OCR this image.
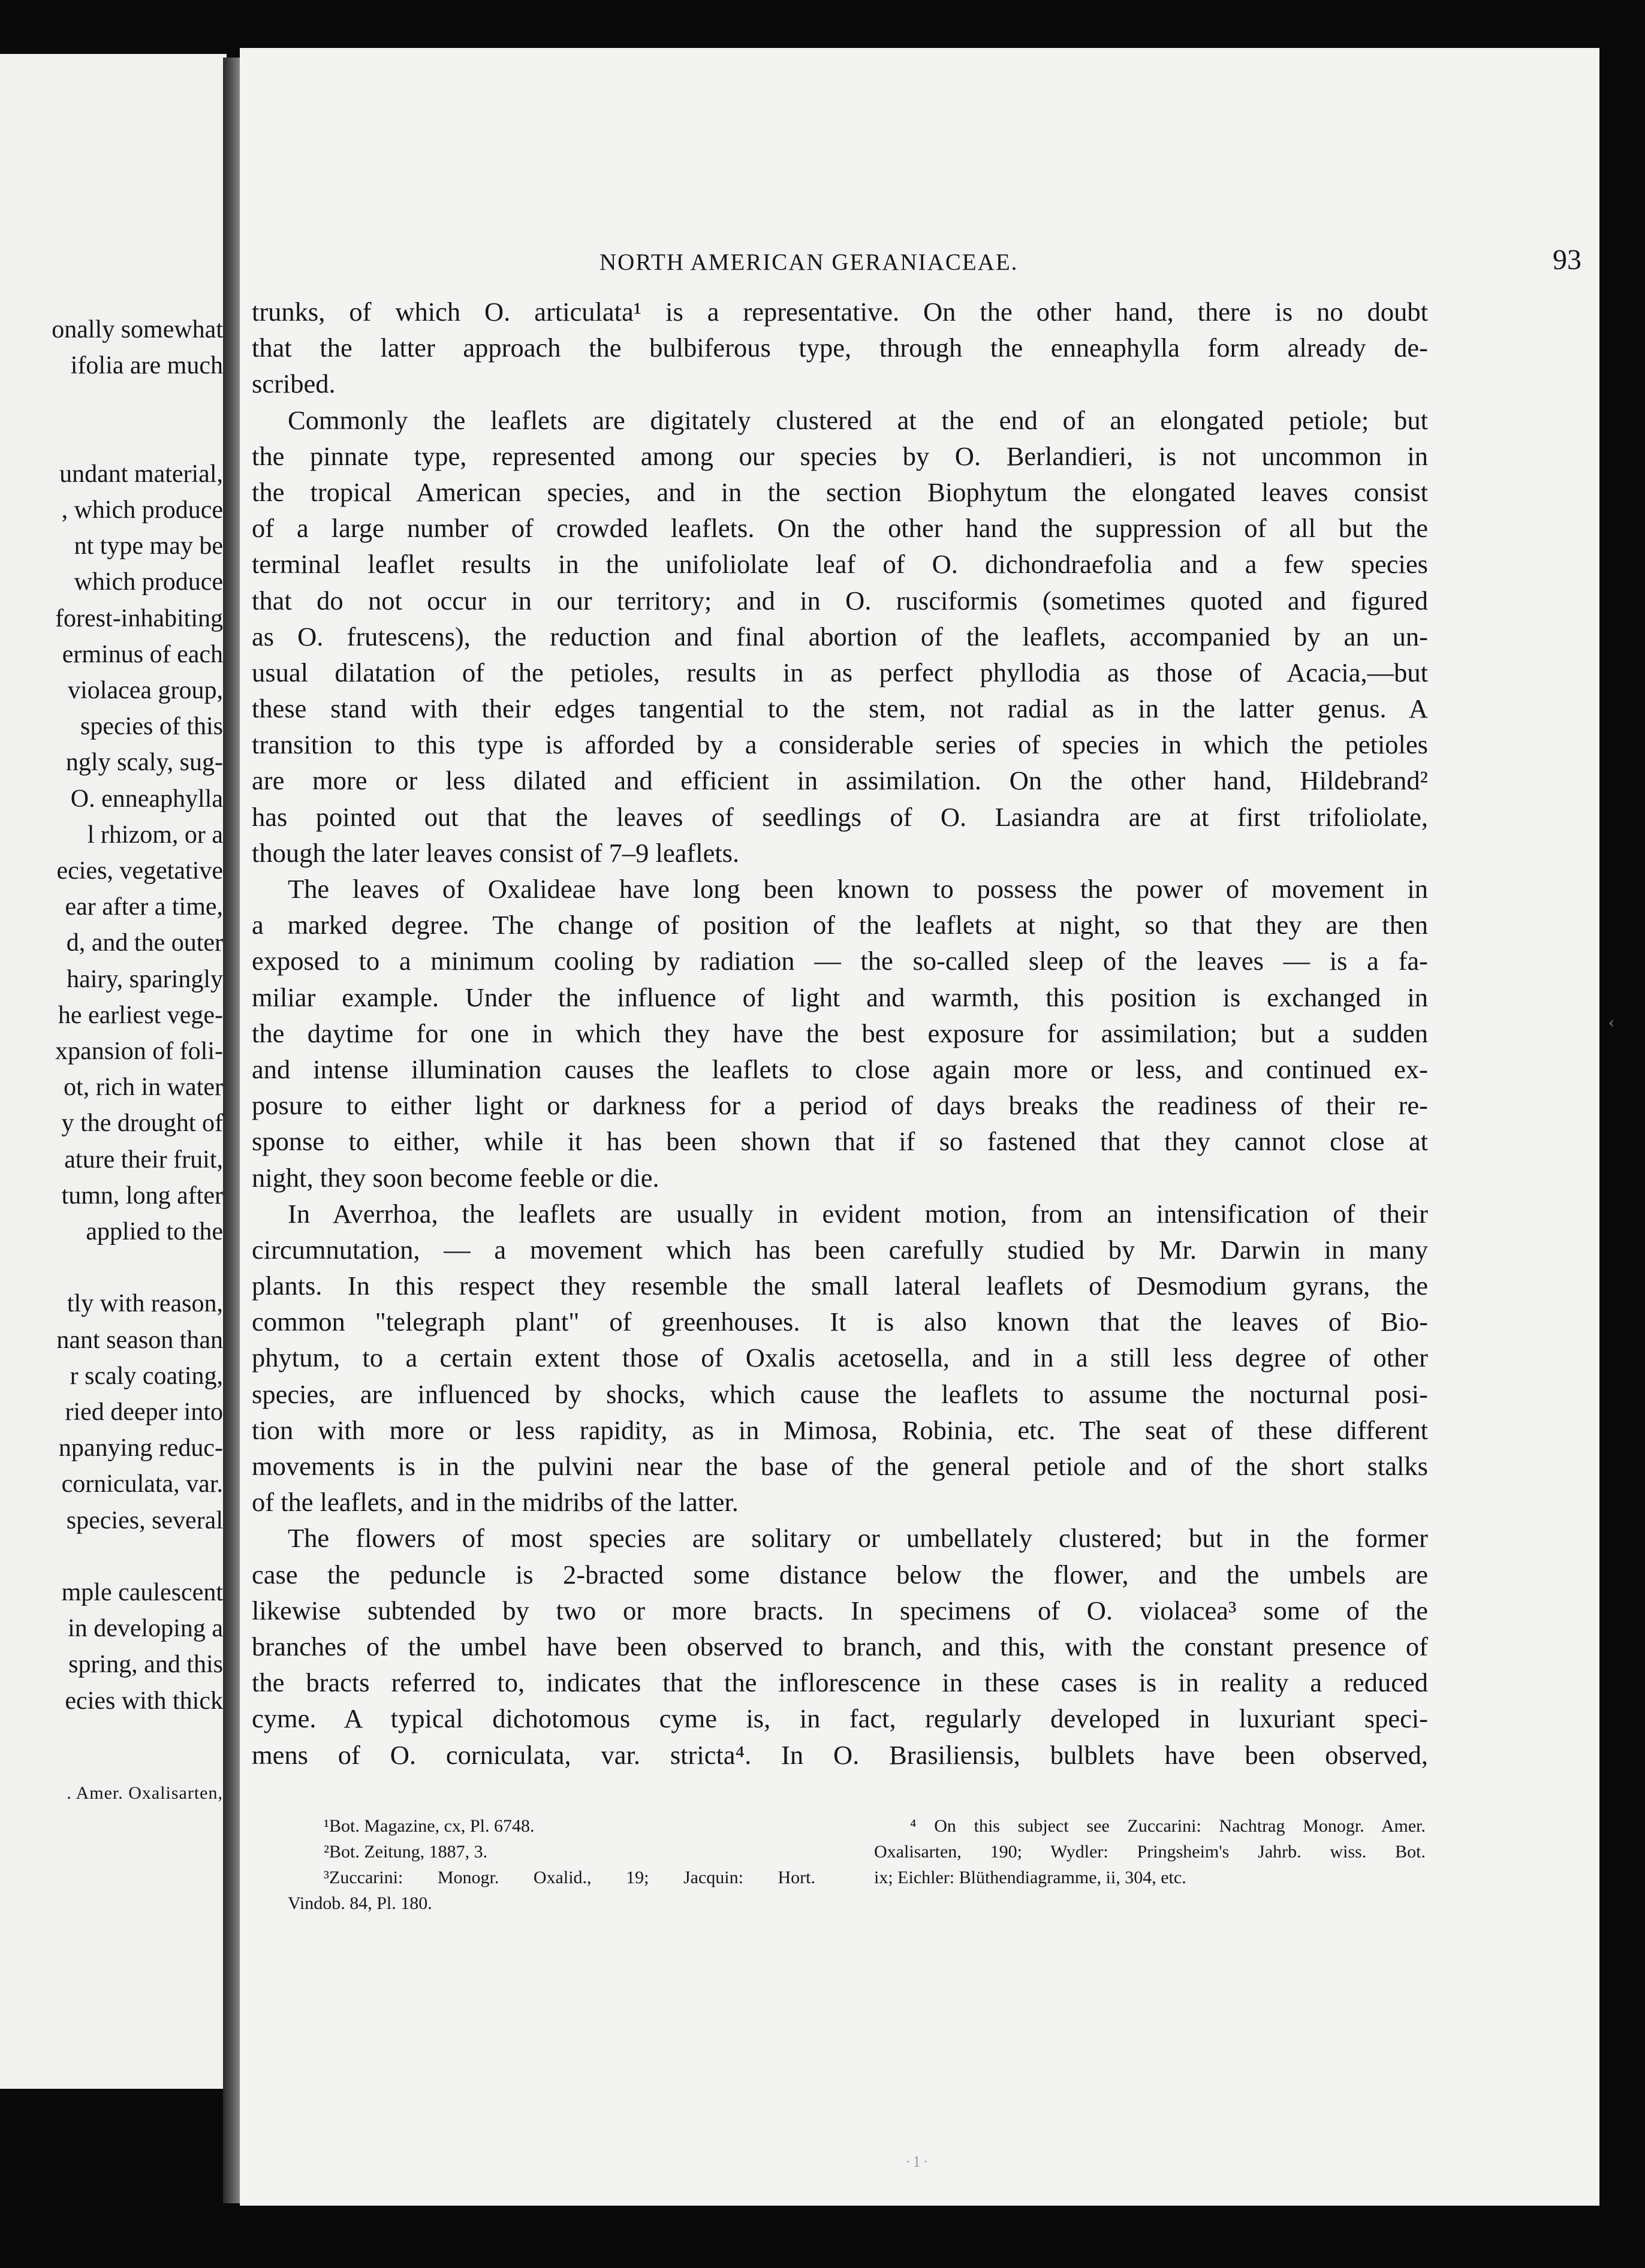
onally somewhat
ifolia are much
undant material,
, which produce
nt type may be
which produce
forest-inhabiting
erminus of each
violacea group,
species of this
ngly scaly, sug-
O. enneaphylla
l rhizom, or a
ecies, vegetative
ear after a time,
d, and the outer
hairy, sparingly
he earliest vege-
xpansion of foli-
ot, rich in water
y the drought of
ature their fruit,
tumn, long after
applied to the
tly with reason,
nant season than
r scaly coating,
ried deeper into
npanying reduc-
corniculata, var.
species, several
mple caulescent
in developing a
spring, and this
ecies with thick
. Amer. Oxalisarten,
NORTH AMERICAN GERANIACEAE.	93
trunks, of which O. articulata¹ is a representative. On the other hand, there is no doubt
that the latter approach the bulbiferous type, through the enneaphylla form already de-
scribed.
Commonly the leaflets are digitately clustered at the end of an elongated petiole; but
the pinnate type, represented among our species by O. Berlandieri, is not uncommon in
the tropical American species, and in the section Biophytum the elongated leaves consist
of a large number of crowded leaflets. On the other hand the suppression of all but the
terminal leaflet results in the unifoliolate leaf of O. dichondraefolia and a few species
that do not occur in our territory; and in O. rusciformis (sometimes quoted and figured
as O. frutescens), the reduction and final abortion of the leaflets, accompanied by an un-
usual dilatation of the petioles, results in as perfect phyllodia as those of Acacia,—but
these stand with their edges tangential to the stem, not radial as in the latter genus. A
transition to this type is afforded by a considerable series of species in which the petioles
are more or less dilated and efficient in assimilation. On the other hand, Hildebrand²
has pointed out that the leaves of seedlings of O. Lasiandra are at first trifoliolate,
though the later leaves consist of 7–9 leaflets.
The leaves of Oxalideae have long been known to possess the power of movement in
a marked degree. The change of position of the leaflets at night, so that they are then
exposed to a minimum cooling by radiation — the so-called sleep of the leaves — is a fa-
miliar example. Under the influence of light and warmth, this position is exchanged in
the daytime for one in which they have the best exposure for assimilation; but a sudden
and intense illumination causes the leaflets to close again more or less, and continued ex-
posure to either light or darkness for a period of days breaks the readiness of their re-
sponse to either, while it has been shown that if so fastened that they cannot close at
night, they soon become feeble or die.
In Averrhoa, the leaflets are usually in evident motion, from an intensification of their
circumnutation, — a movement which has been carefully studied by Mr. Darwin in many
plants. In this respect they resemble the small lateral leaflets of Desmodium gyrans, the
common "telegraph plant" of greenhouses. It is also known that the leaves of Bio-
phytum, to a certain extent those of Oxalis acetosella, and in a still less degree of other
species, are influenced by shocks, which cause the leaflets to assume the nocturnal posi-
tion with more or less rapidity, as in Mimosa, Robinia, etc. The seat of these different
movements is in the pulvini near the base of the general petiole and of the short stalks
of the leaflets, and in the midribs of the latter.
The flowers of most species are solitary or umbellately clustered; but in the former
case the peduncle is 2-bracted some distance below the flower, and the umbels are
likewise subtended by two or more bracts. In specimens of O. violacea³ some of the
branches of the umbel have been observed to branch, and this, with the constant presence of
the bracts referred to, indicates that the inflorescence in these cases is in reality a reduced
cyme. A typical dichotomous cyme is, in fact, regularly developed in luxuriant speci-
mens of O. corniculata, var. stricta⁴. In O. Brasiliensis, bulblets have been observed,
¹Bot. Magazine, cx, Pl. 6748.
²Bot. Zeitung, 1887, 3.
³Zuccarini: Monogr. Oxalid., 19; Jacquin: Hort.
Vindob. 84, Pl. 180.
⁴ On this subject see Zuccarini: Nachtrag Monogr. Amer.
Oxalisarten, 190; Wydler: Pringsheim's Jahrb. wiss. Bot.
ix; Eichler: Blüthendiagramme, ii, 304, etc.
‹
·1·
